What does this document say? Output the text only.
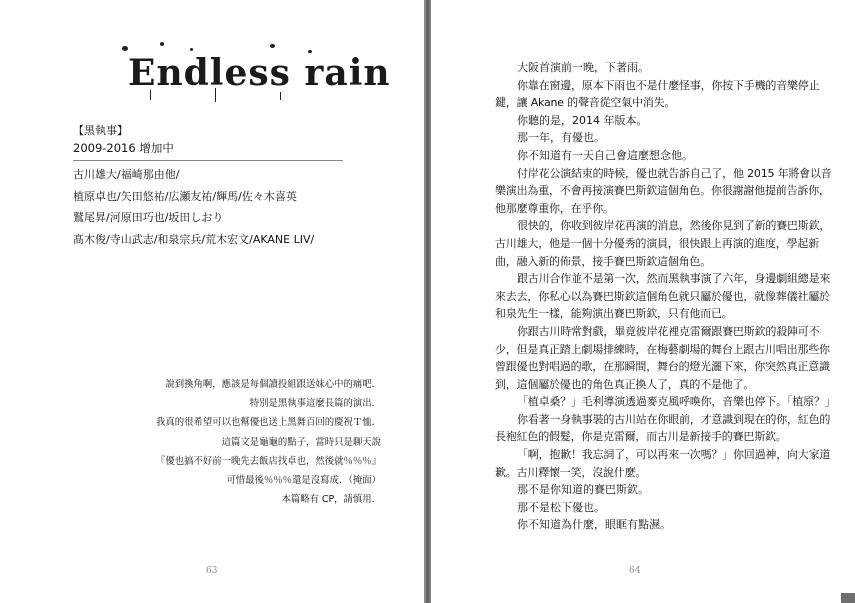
Endless rain
【黑執事】
2009-2016 增加中
古川雄大/福崎那由他/
植原卓也/矢田悠祐/広瀬友祐/輝馬/佐々木喜英
鷲尾昇/河原田巧也/坂田しおり
髙木俊/寺山武志/和泉宗兵/荒木宏文/AKANE LIV/
說到換角啊，應該是每個讀投組跟送妹心中的痛吧．
特別是黑執事這麼長篇的演出．
我真的很希望可以也幫優也送上黑舞百回的慶祝Ｔ恤．
這篇文是龜龜的點子，當時只是聊天說
『優也搞不好前一晚先去飯店找卓也，然後就％％％』
可惜最後％％％還是沒寫成．（掩面）
本篇略有 CP，請慎用．
63

大阪首演前一晚，下著雨。

你靠在窗邊，原本下雨也不是什麼怪事，你按下手機的音樂停止鍵，讓 Akane 的聲音從空氣中消失。

你聽的是，2014 年版本。

那一年，有優也。

你不知道有一天自己會這麼想念他。

付岸花公演結束的時候，優也就告訴自己了，他 2015 年將會以音樂演出為重，不會再接演賽巴斯欽這個角色。你很謝謝他提前告訴你，他那麼尊重你，在乎你。

很快的，你收到彼岸花再演的消息，然後你見到了新的賽巴斯欽，古川雄大，他是一個十分優秀的演員，很快跟上再演的進度，學起新曲，融入新的佈景，接手賽巴斯欽這個角色。

跟古川合作並不是第一次，然而黑執事演了六年，身邊劇組總是來來去去，你私心以為賽巴斯欽這個角色就只屬於優也，就像葬儀社屬於和泉先生一樣，能夠演出賽巴斯欽，只有他而已。

你跟古川時常對戲，畢竟彼岸花裡克雷爾跟賽巴斯欽的殺陣可不少，但是真正踏上劇場排練時，在梅藝劇場的舞台上跟古川唱出那些你曾跟優也對唱過的歌，在那瞬間，舞台的燈光灑下來，你突然真正意識到，這個屬於優也的角色真正換人了，真的不是他了。

「植卓桑？」毛利導演透過麥克風呼喚你，音樂也停下。「植原？」

你看著一身執事裝的古川站在你眼前，才意識到現在的你，紅色的長袍紅色的假髮，你是克雷爾，而古川是新接手的賽巴斯欽。

「啊，抱歉！我忘詞了，可以再來一次嗎？」你回過神，向大家道歉。古川釋懷一笑，沒說什麼。

那不是你知道的賽巴斯欽。

那不是松下優也。

你不知道為什麼，眼眶有點濕。

64
